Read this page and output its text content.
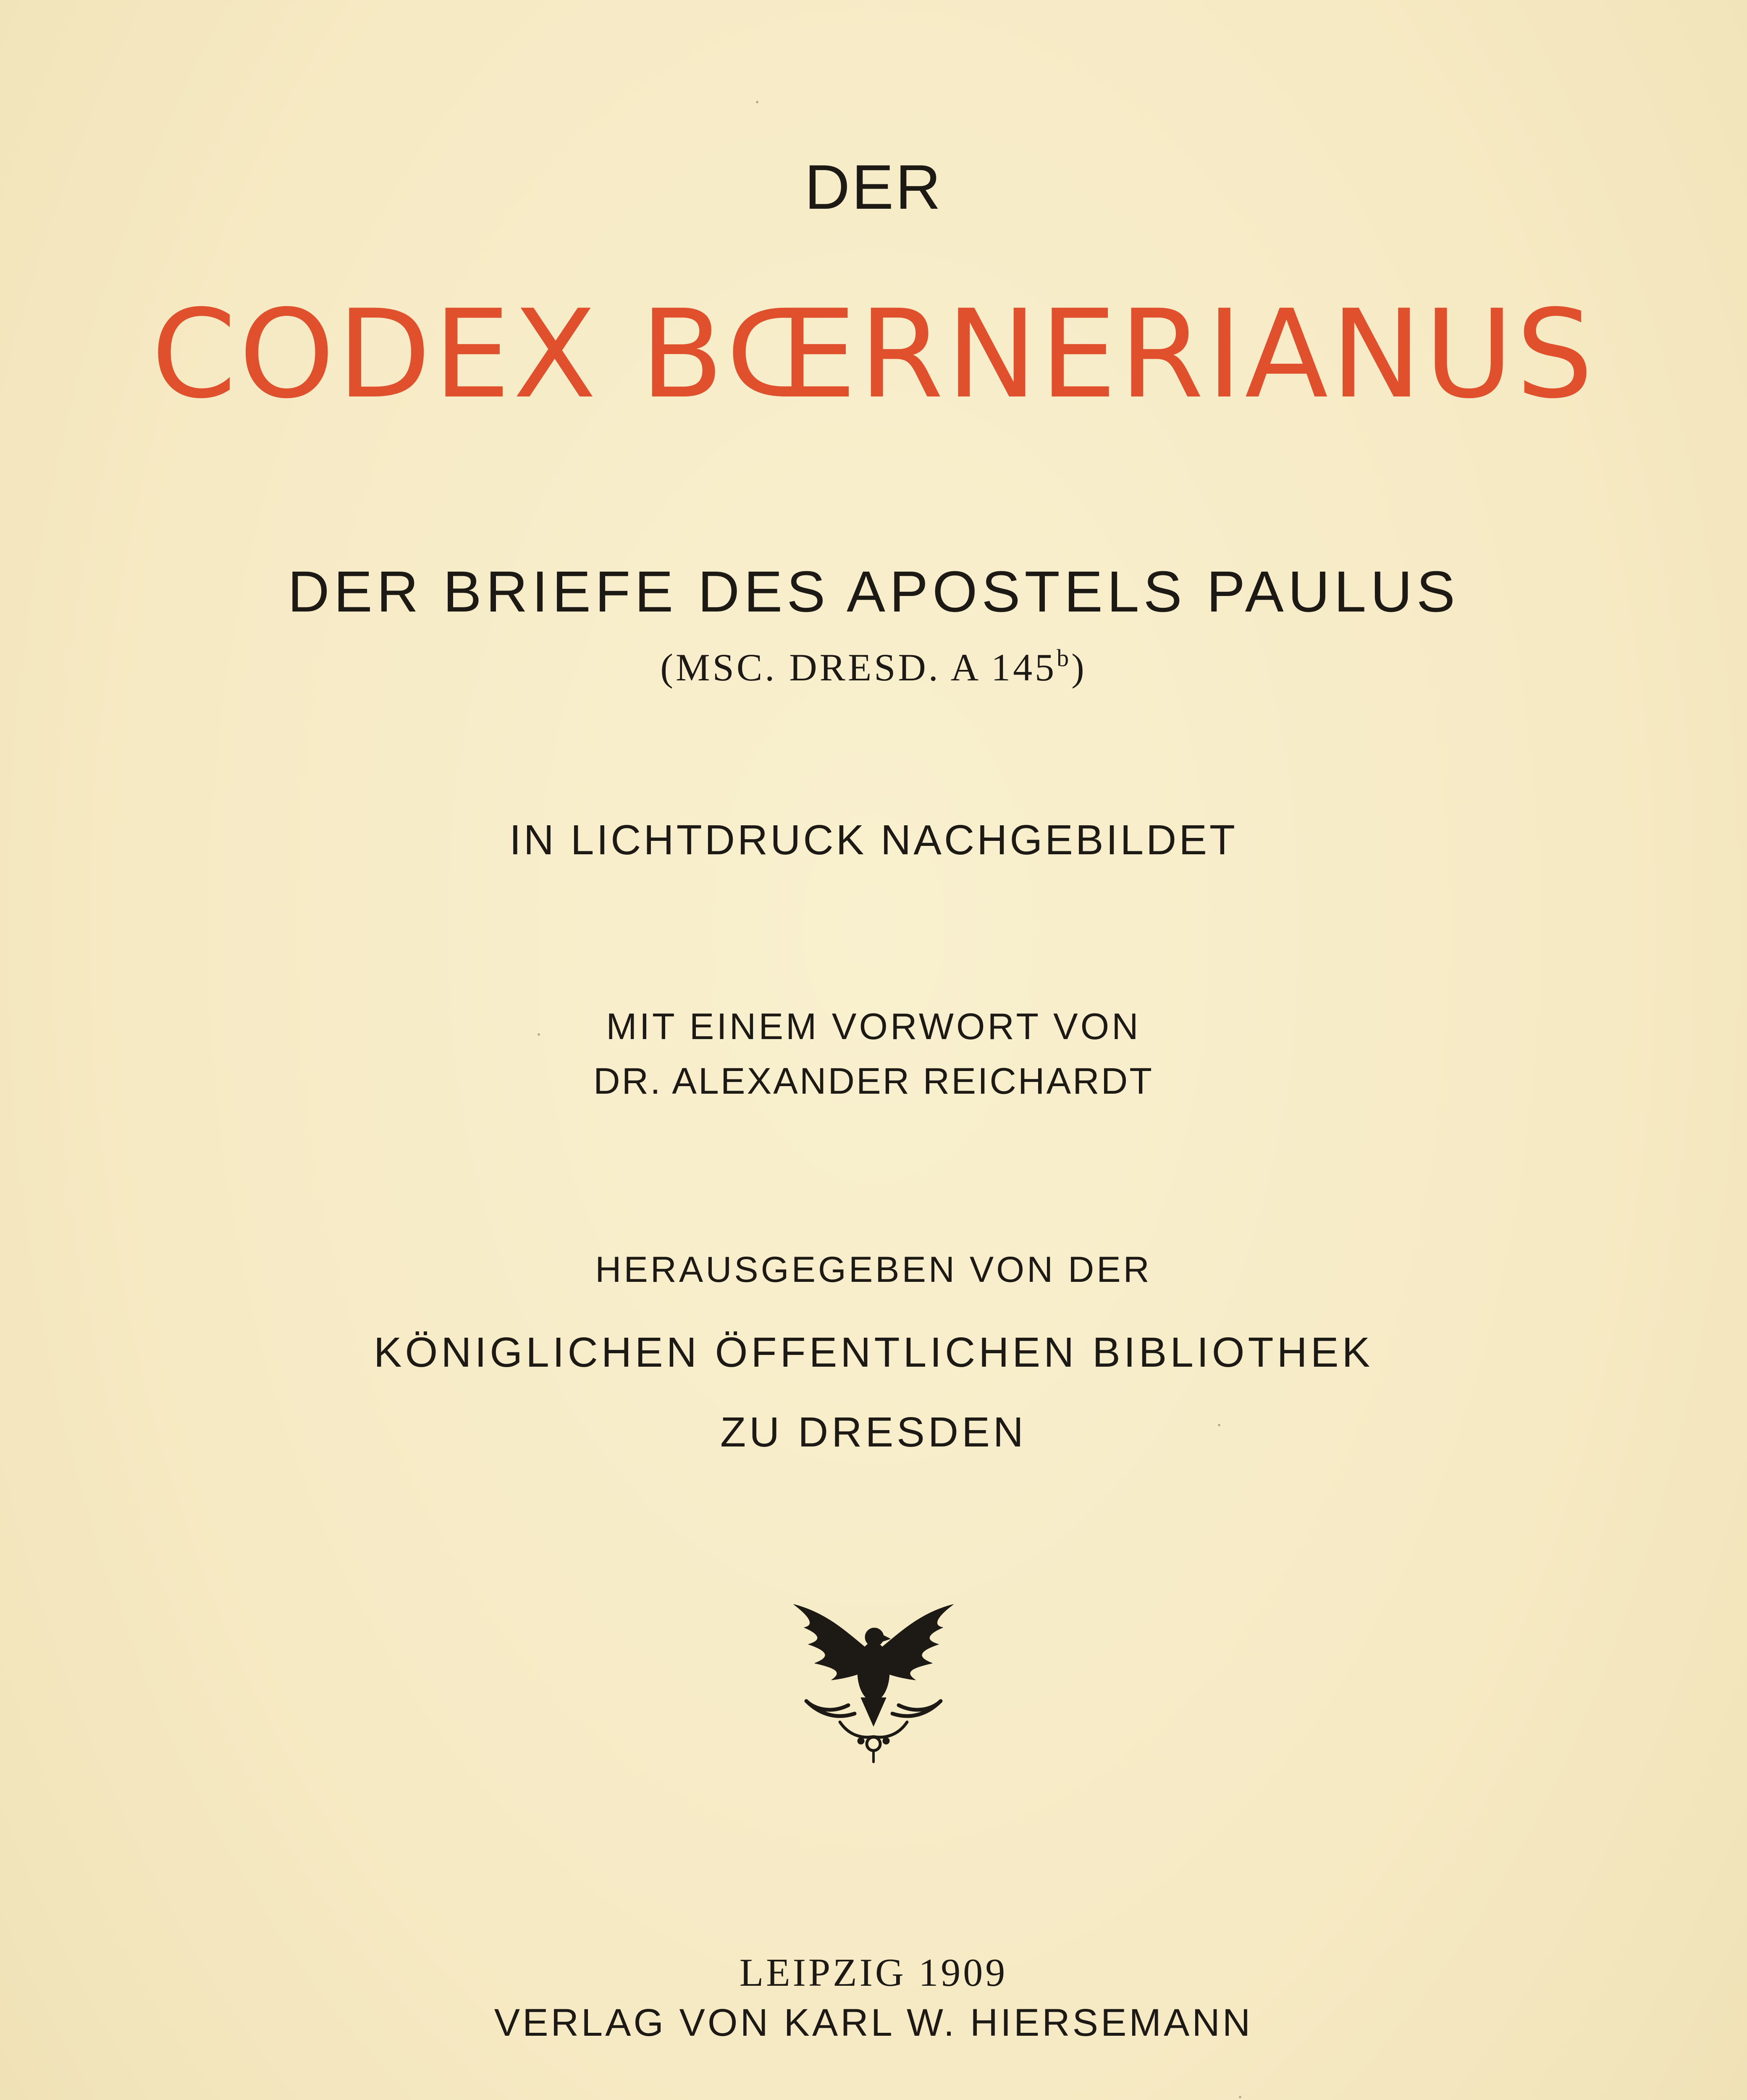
DER
CODEX BŒRNERIANUS
DER BRIEFE DES APOSTELS PAULUS
(MSC. DRESD. A 145$^b$)
IN LICHTDRUCK NACHGEBILDET
MIT EINEM VORWORT VON
DR. ALEXANDER REICHARDT
HERAUSGEGEBEN VON DER
KÖNIGLICHEN ÖFFENTLICHEN BIBLIOTHEK
ZU DRESDEN
LEIPZIG 1909
VERLAG VON KARL W. HIERSEMANN
